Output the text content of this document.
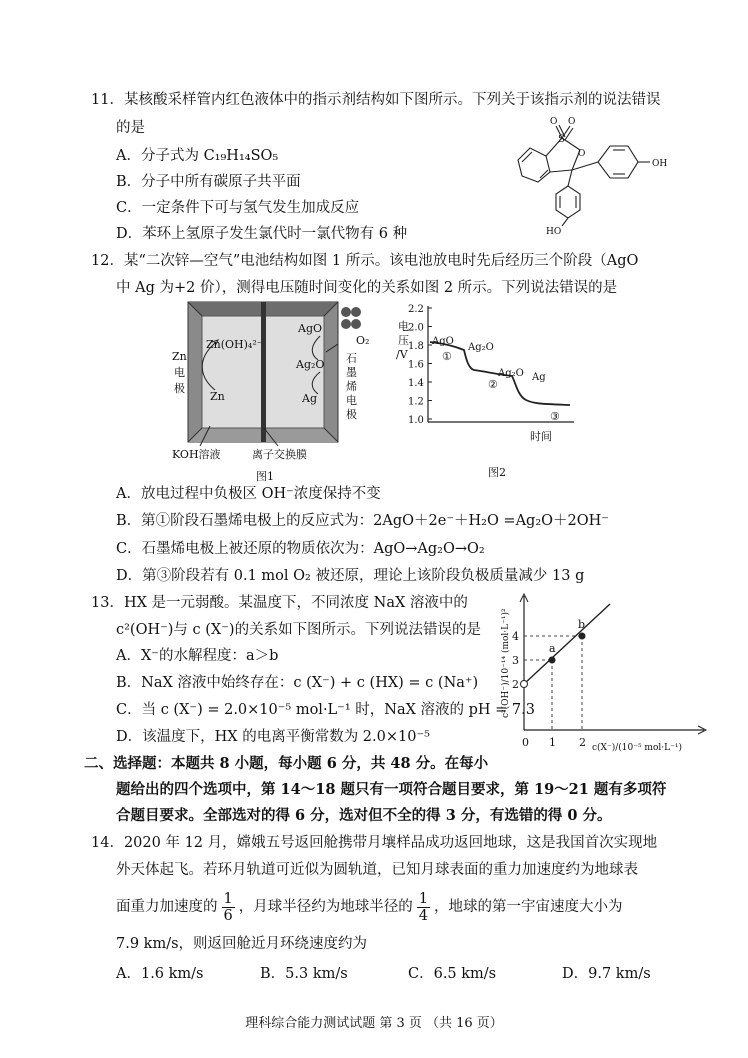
11．某核酸采样管内红色液体中的指示剂结构如下图所示。下列关于该指示剂的说法错误
的是
A．分子式为 C₁₉H₁₄SO₅
B．分子中所有碳原子共平面
C．一定条件下可与氢气发生加成反应
D．苯环上氢原子发生氯代时一氯代物有 6 种
S
O O
O
OH
HO
12．某“二次锌—空气”电池结构如图 1 所示。该电池放电时先后经历三个阶段（AgO
中 Ag 为+2 价），测得电压随时间变化的关系如图 2 所示。下列说法错误的是
Zn(OH)₄²⁻
Zn
AgO
Ag₂O
Ag
O₂
Zn
电
极
石
墨
烯
电
极
KOH溶液	离子交换膜
图1
2.2
2.0
1.8
1.6
1.4
1.2
1.0
电
压
/V
AgO
Ag₂O
Ag₂O Ag
①
②
③
时间
图2
A．放电过程中负极区 OH⁻浓度保持不变
B．第①阶段石墨烯电极上的反应式为：2AgO＋2e⁻＋H₂O =Ag₂O＋2OH⁻
C．石墨烯电极上被还原的物质依次为：AgO→Ag₂O→O₂
D．第③阶段若有 0.1 mol O₂ 被还原，理论上该阶段负极质量减少 13 g
13．HX 是一元弱酸。某温度下，不同浓度 NaX 溶液中的
c²(OH⁻)与 c (X⁻)的关系如下图所示。下列说法错误的是
A．X⁻的水解程度：a＞b
B．NaX 溶液中始终存在：c (X⁻) + c (HX) = c (Na⁺)
C．当 c (X⁻) = 2.0×10⁻⁵ mol·L⁻¹ 时，NaX 溶液的 pH = 7.3
D．该温度下，HX 的电离平衡常数为 2.0×10⁻⁵
a
b
2
3
4
0 1 2 c(X⁻)/(10⁻⁵ mol·L⁻¹)
c²(OH⁻)/10⁻¹⁴ (mol·L⁻¹)²
二、选择题：本题共 8 小题，每小题 6 分，共 48 分。在每小
题给出的四个选项中，第 14～18 题只有一项符合题目要求，第 19～21 题有多项符
合题目要求。全部选对的得 6 分，选对但不全的得 3 分，有选错的得 0 分。
14．2020 年 12 月，嫦娥五号返回舱携带月壤样品成功返回地球，这是我国首次实现地
外天体起飞。若环月轨道可近似为圆轨道，已知月球表面的重力加速度约为地球表
面重力加速度的 $\frac{1}{6}$ ，月球半径约为地球半径的 $\frac{1}{4}$ ，地球的第一宇宙速度大小为
7.9 km/s，则返回舱近月环绕速度约为
A．1.6 km/s	B．5.3 km/s	C．6.5 km/s	D．9.7 km/s
理科综合能力测试试题 第 3 页 （共 16 页）
